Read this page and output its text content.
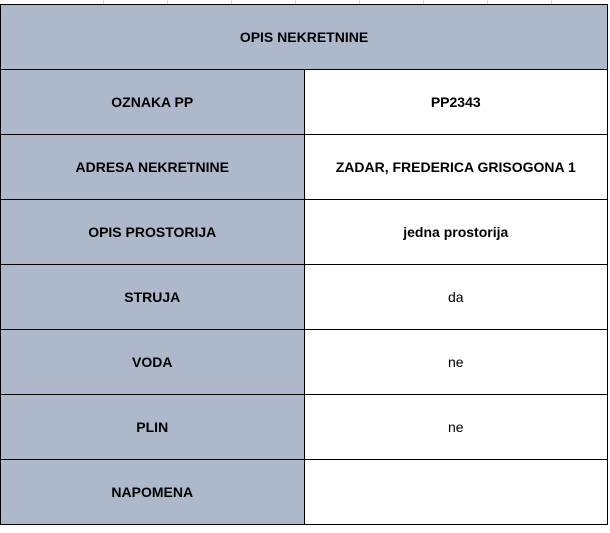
OPIS NEKRETNINE	
OZNAKA PP	PP2343
ADRESA NEKRETNINE	ZADAR, FREDERICA GRISOGONA 1
OPIS PROSTORIJA	jedna prostorija
STRUJA	da
VODA	ne
PLIN	ne
NAPOMENA	
